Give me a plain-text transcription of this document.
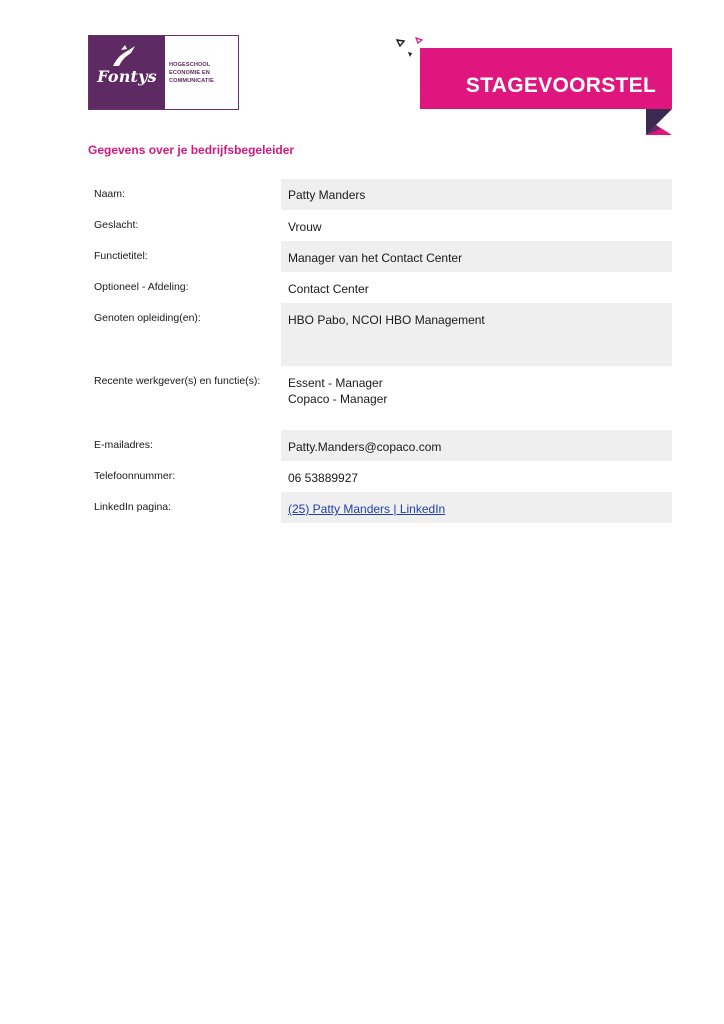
Fontys
HOGESCHOOL
ECONOMIE EN
COMMUNICATIE	STAGEVOORSTEL
Gegevens over je bedrijfsbegeleider
Naam:	Patty Manders
Geslacht:	Vrouw
Functietitel:	Manager van het Contact Center
Optioneel - Afdeling:	Contact Center
Genoten opleiding(en):	HBO Pabo, NCOI HBO Management
Recente werkgever(s) en functie(s):	Essent - Manager
Copaco - Manager
E-mailadres:	Patty.Manders@copaco.com
Telefoonnummer:	06 53889927
LinkedIn pagina:	(25) Patty Manders | LinkedIn
